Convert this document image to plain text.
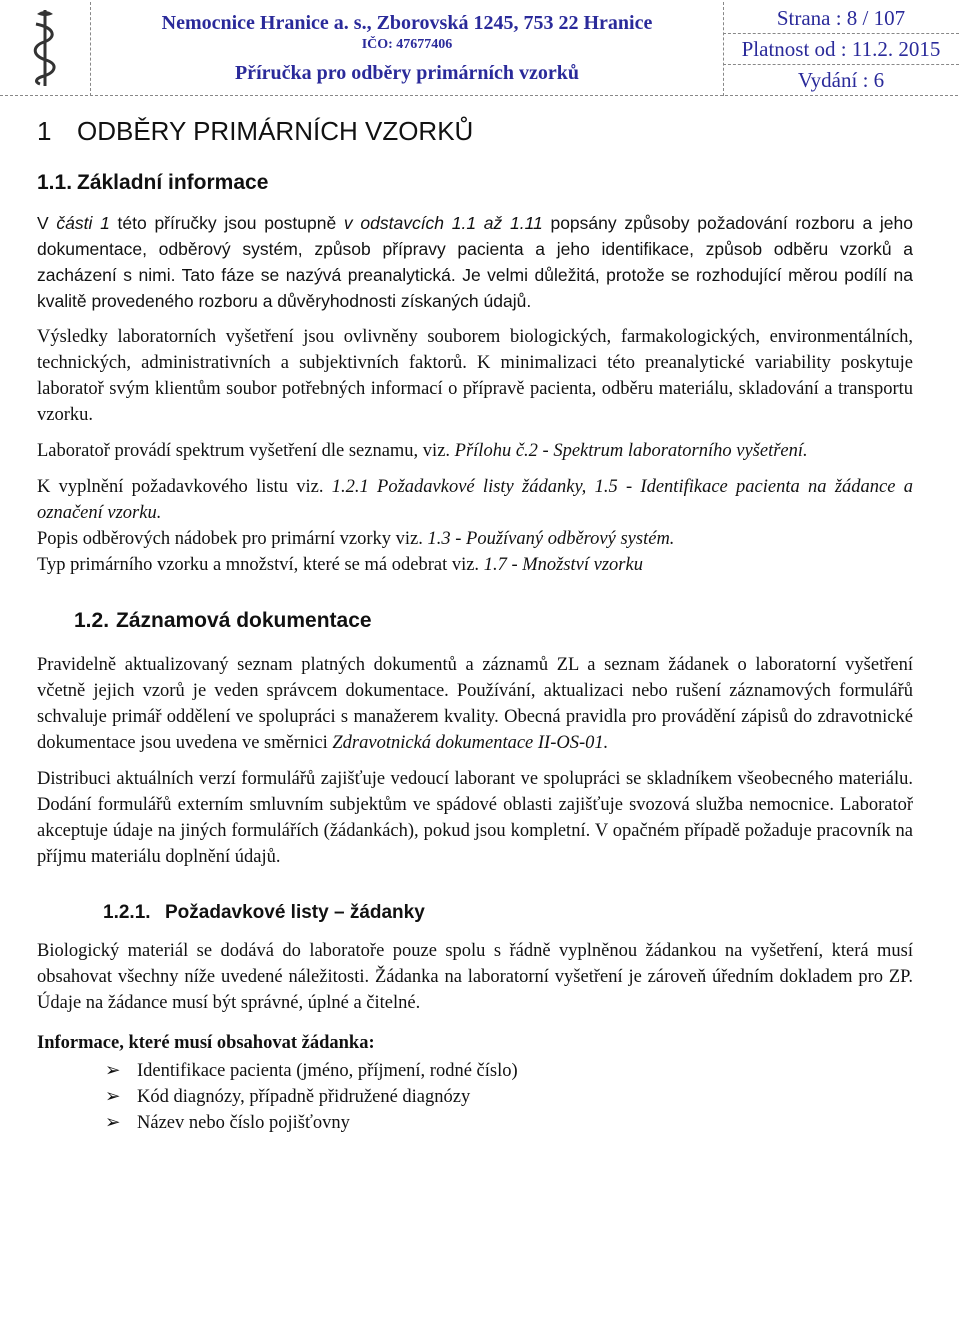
Nemocnice Hranice a. s., Zborovská 1245, 753 22 Hranice
IČO: 47677406
Příručka pro odběry primárních vzorků
Strana : 8 / 107
Platnost od : 11.2. 2015
Vydání : 6
1 ODBĚRY PRIMÁRNÍCH VZORKŮ
1.1. Základní informace

V části 1 této příručky jsou postupně v odstavcích 1.1 až 1.11 popsány způsoby požadování rozboru a jeho dokumentace, odběrový systém, způsob přípravy pacienta a jeho identifikace, způsob odběru vzorků a zacházení s nimi. Tato fáze se nazývá preanalytická. Je velmi důležitá, protože se rozhodující měrou podílí na kvalitě provedeného rozboru a důvěryhodnosti získaných údajů.

Výsledky laboratorních vyšetření jsou ovlivněny souborem biologických, farmakologických, environmentálních, technických, administrativních a subjektivních faktorů. K minimalizaci této preanalytické variability poskytuje laboratoř svým klientům soubor potřebných informací o přípravě pacienta, odběru materiálu, skladování a transportu vzorku.

Laboratoř provádí spektrum vyšetření dle seznamu, viz. Přílohu č.2 - Spektrum laboratorního vyšetření.

K vyplnění požadavkového listu viz. 1.2.1 Požadavkové listy žádanky, 1.5 - Identifikace pacienta na žádance a označení vzorku.

Popis odběrových nádobek pro primární vzorky viz. 1.3 - Používaný odběrový systém.

Typ primárního vzorku a množství, které se má odebrat viz. 1.7 - Množství vzorku

1.2. Záznamová dokumentace

Pravidelně aktualizovaný seznam platných dokumentů a záznamů ZL a seznam žádanek o laboratorní vyšetření včetně jejich vzorů je veden správcem dokumentace. Používání, aktualizaci nebo rušení záznamových formulářů schvaluje primář oddělení ve spolupráci s manažerem kvality. Obecná pravidla pro provádění zápisů do zdravotnické dokumentace jsou uvedena ve směrnici Zdravotnická dokumentace II-OS-01.

Distribuci aktuálních verzí formulářů zajišťuje vedoucí laborant ve spolupráci se skladníkem všeobecného materiálu. Dodání formulářů externím smluvním subjektům ve spádové oblasti zajišťuje svozová služba nemocnice. Laboratoř akceptuje údaje na jiných formulářích (žádankách), pokud jsou kompletní. V opačném případě požaduje pracovník na příjmu materiálu doplnění údajů.

1.2.1. Požadavkové listy – žádanky

Biologický materiál se dodává do laboratoře pouze spolu s řádně vyplněnou žádankou na vyšetření, která musí obsahovat všechny níže uvedené náležitosti. Žádanka na laboratorní vyšetření je zároveň úředním dokladem pro ZP. Údaje na žádance musí být správné, úplné a čitelné.

Informace, které musí obsahovat žádanka:
➢ Identifikace pacienta (jméno, příjmení, rodné číslo)
➢ Kód diagnózy, případně přidružené diagnózy
➢ Název nebo číslo pojišťovny
